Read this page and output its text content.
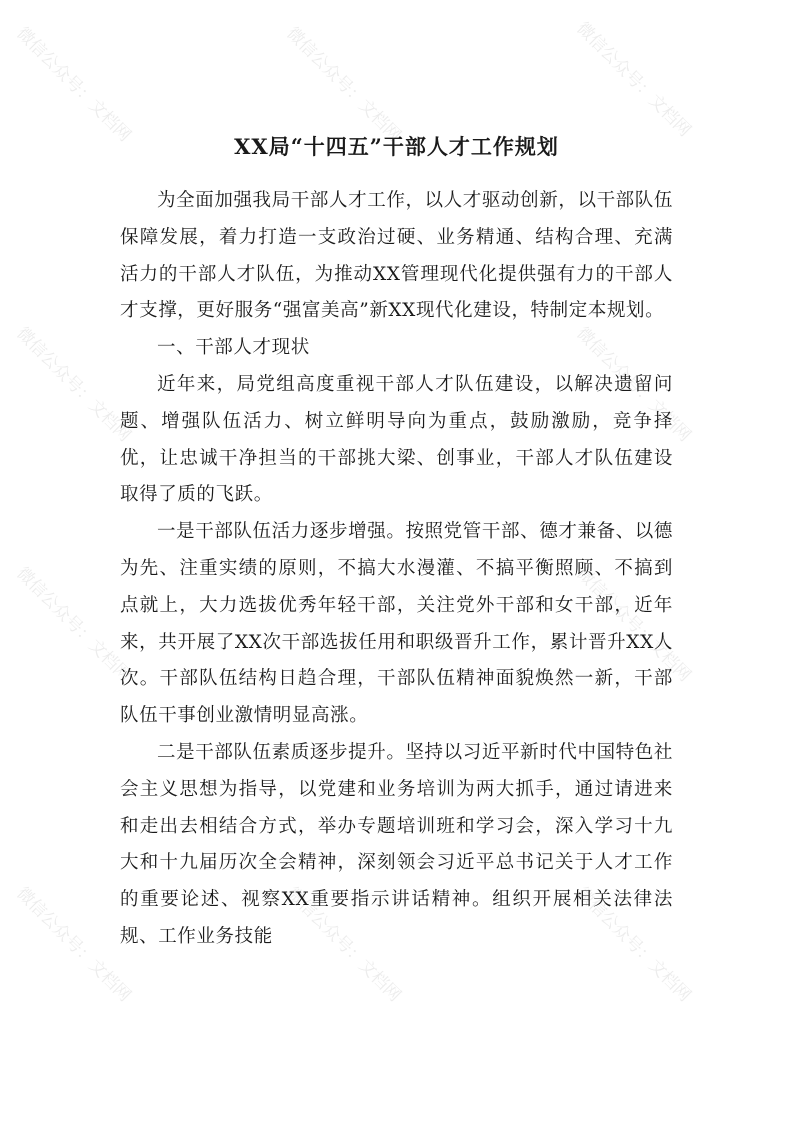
微信公众号：文档网	微信公众号：文档网	微信公众号：文档网
微信公众号：文档网	微信公众号：文档网
微信公众号：文档网	微信公众号：文档网
微信公众号：文档网	微信公众号：文档网	微信公众号：文档网
XX局“十四五”干部人才工作规划

为全面加强我局干部人才工作，以人才驱动创新，以干部队伍保障发展，着力打造一支政治过硬、业务精通、结构合理、充满活力的干部人才队伍，为推动XX管理现代化提供强有力的干部人才支撑，更好服务“强富美高”新XX现代化建设，特制定本规划。

一、干部人才现状

近年来，局党组高度重视干部人才队伍建设，以解决遗留问题、增强队伍活力、树立鲜明导向为重点，鼓励激励，竞争择优，让忠诚干净担当的干部挑大梁、创事业，干部人才队伍建设取得了质的飞跃。

一是干部队伍活力逐步增强。按照党管干部、德才兼备、以德为先、注重实绩的原则，不搞大水漫灌、不搞平衡照顾、不搞到点就上，大力选拔优秀年轻干部，关注党外干部和女干部，近年来，共开展了XX次干部选拔任用和职级晋升工作，累计晋升XX人次。干部队伍结构日趋合理，干部队伍精神面貌焕然一新，干部队伍干事创业激情明显高涨。

二是干部队伍素质逐步提升。坚持以习近平新时代中国特色社会主义思想为指导，以党建和业务培训为两大抓手，通过请进来和走出去相结合方式，举办专题培训班和学习会，深入学习十九大和十九届历次全会精神，深刻领会习近平总书记关于人才工作的重要论述、视察XX重要指示讲话精神。组织开展相关法律法规、工作业务技能
